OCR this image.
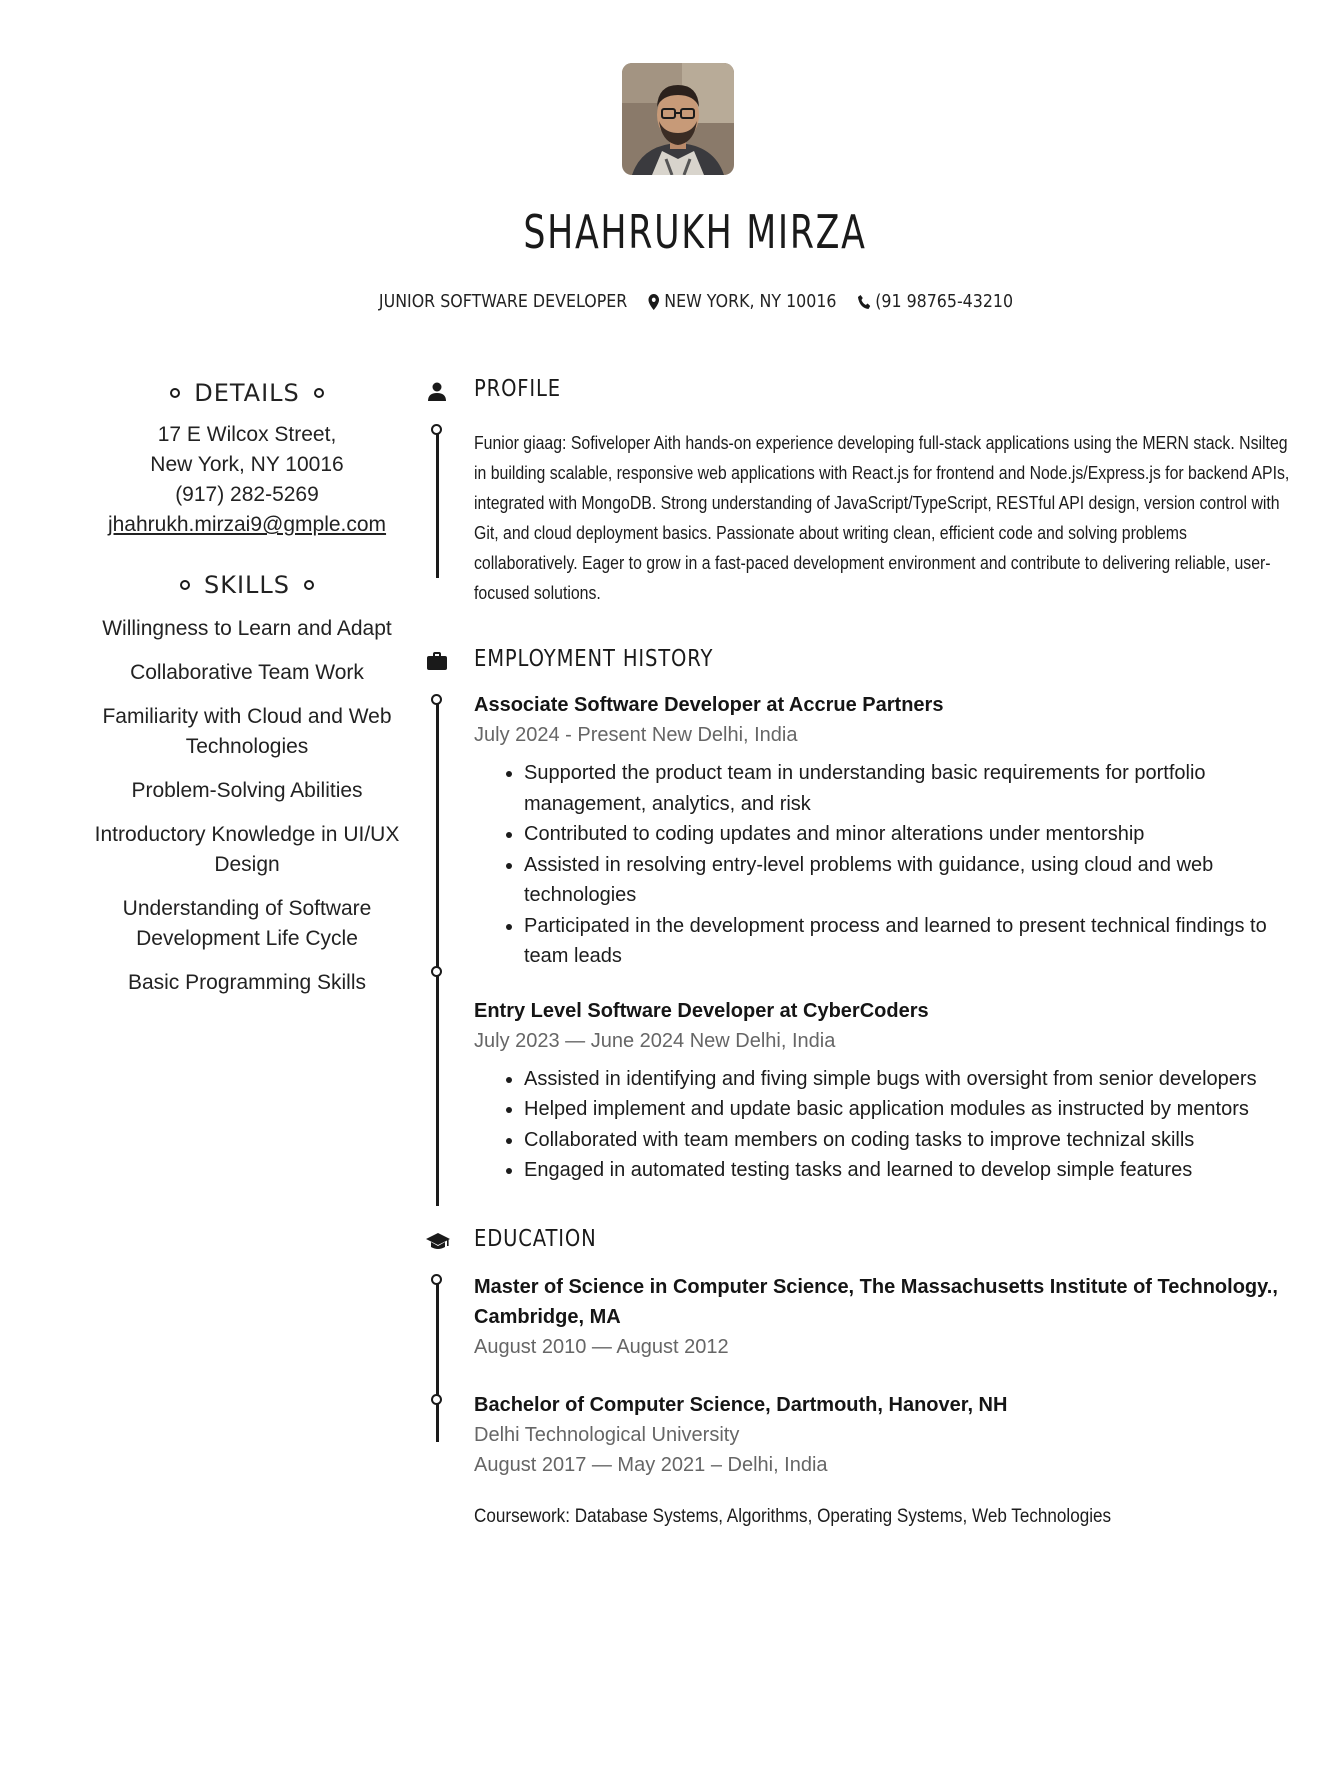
SHAHRUKH MIRZA
JUNIOR SOFTWARE DEVELOPER NEW YORK, NY 10016 (91 98765-43210
DETAILS
17 E Wilcox Street,
New York, NY 10016
(917) 282-5269
jhahrukh.mirzai9@gmple.com
SKILLS
Willingness to Learn and Adapt
Collaborative Team Work
Familiarity with Cloud and Web Technologies
Problem-Solving Abilities
Introductory Knowledge in UI/UX Design
Understanding of Software Development Life Cycle
Basic Programming Skills
PROFILE
Funior giaag: Sofiveloper Aith hands-on experience developing full-stack applications using the MERN stack. Nsilteg in building scalable, responsive web applications with React.js for frontend and Node.js/Express.js for backend APIs, integrated with MongoDB. Strong understanding of JavaScript/TypeScript, RESTful API design, version control with Git, and cloud deployment basics. Passionate about writing clean, efficient code and solving problems collaboratively. Eager to grow in a fast-paced development environment and contribute to delivering reliable, user-focused solutions.
EMPLOYMENT HISTORY
Associate Software Developer at Accrue Partners
July 2024 - Present New Delhi, India
• Supported the product team in understanding basic requirements for portfolio management, analytics, and risk
• Contributed to coding updates and minor alterations under mentorship
• Assisted in resolving entry-level problems with guidance, using cloud and web technologies
• Participated in the development process and learned to present technical findings to team leads
Entry Level Software Developer at CyberCoders
July 2023 — June 2024 New Delhi, India
• Assisted in identifying and fiving simple bugs with oversight from senior developers
• Helped implement and update basic application modules as instructed by mentors
• Collaborated with team members on coding tasks to improve technizal skills
• Engaged in automated testing tasks and learned to develop simple features
EDUCATION
Master of Science in Computer Science, The Massachusetts Institute of Technology., Cambridge, MA
August 2010 — August 2012
Bachelor of Computer Science, Dartmouth, Hanover, NH
Delhi Technological University
August 2017 — May 2021 – Delhi, India
Coursework: Database Systems, Algorithms, Operating Systems, Web Technologies
